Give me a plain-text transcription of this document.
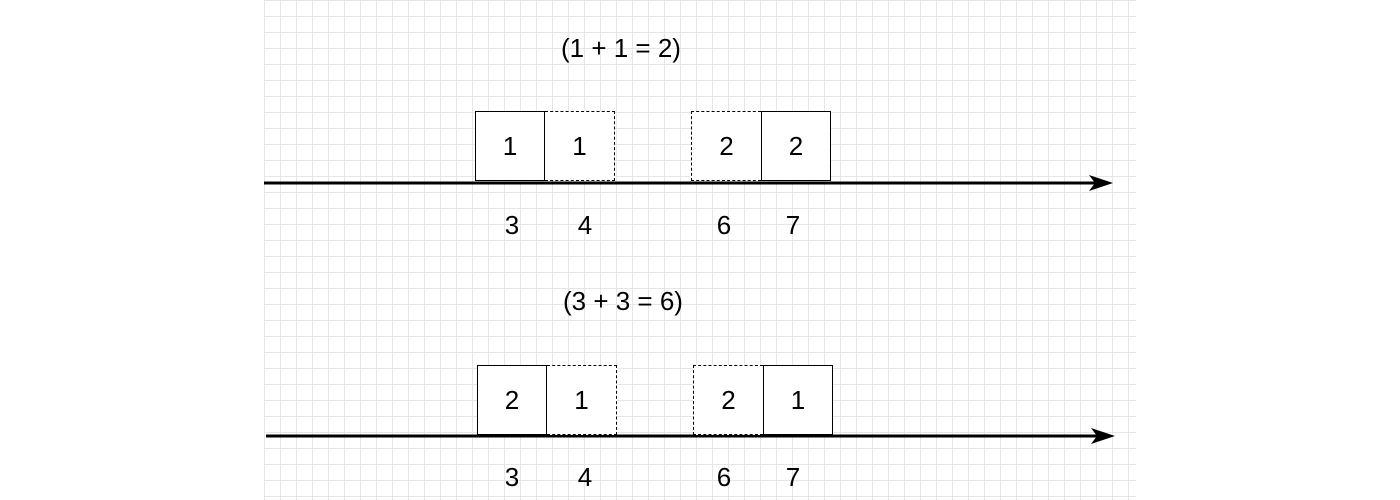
(1 + 1 = 2)
1	1	2	2
3	4	6	7
(3 + 3 = 6)
2	1	2	1
3	4	6	7
